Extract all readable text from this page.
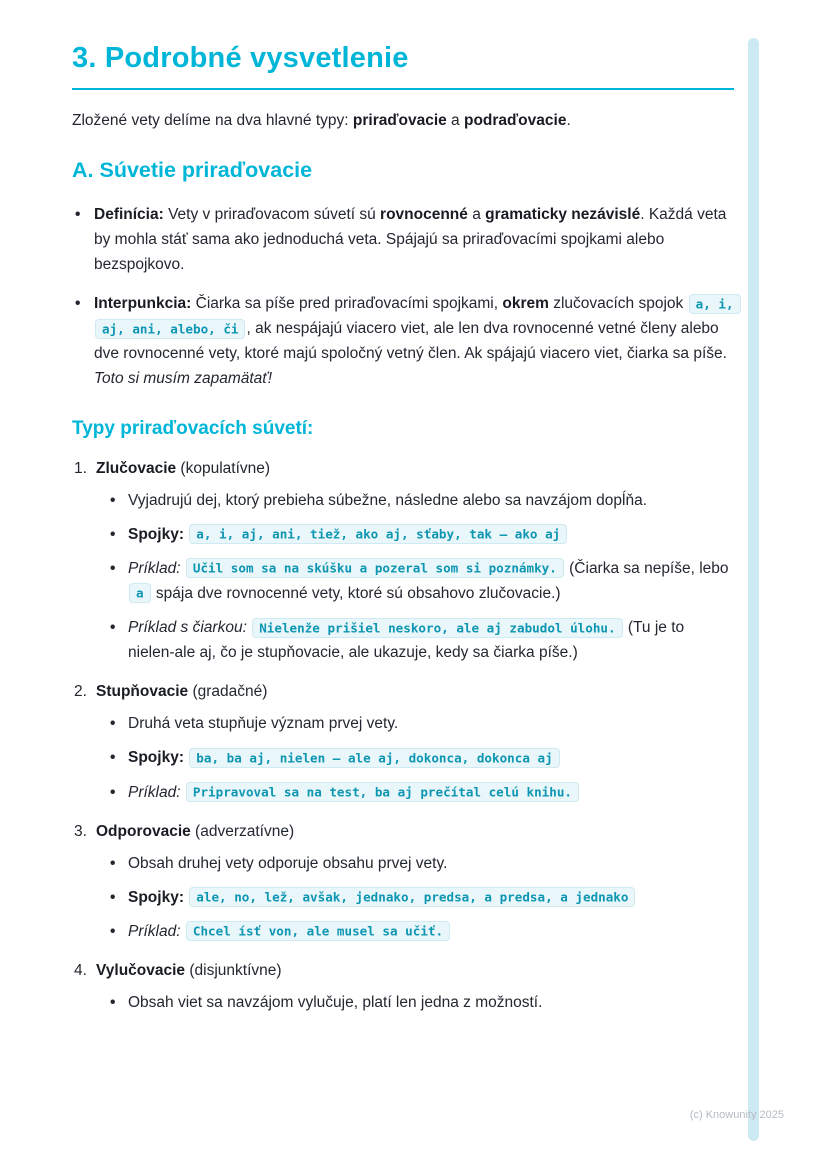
3. Podrobné vysvetlenie

Zložené vety delíme na dva hlavné typy: priraďovacie a podraďovacie.

A. Súvetie priraďovacie
• Definícia: Vety v priraďovacom súvetí sú rovnocenné a gramaticky nezávislé. Každá veta by mohla stáť sama ako jednoduchá veta. Spájajú sa priraďovacími spojkami alebo bezspojkovo.
• Interpunkcia: Čiarka sa píše pred priraďovacími spojkami, okrem zlučovacích spojok a, i, aj, ani, alebo, či , ak nespájajú viacero viet, ale len dva rovnocenné vetné členy alebo dve rovnocenné vety, ktoré majú spoločný vetný člen. Ak spájajú viacero viet, čiarka sa píše. Toto si musím zapamätať!
Typy priraďovacích súvetí:
1. Zlučovacie (kopulatívne)
• Vyjadrujú dej, ktorý prebieha súbežne, následne alebo sa navzájom dopĺňa.
• Spojky: a, i, aj, ani, tiež, ako aj, sťaby, tak – ako aj
• Príklad: Učil som sa na skúšku a pozeral som si poznámky. (Čiarka sa nepíše, lebo a spája dve rovnocenné vety, ktoré sú obsahovo zlučovacie.)
• Príklad s čiarkou: Nielenže prišiel neskoro, ale aj zabudol úlohu. (Tu je to nielen-ale aj, čo je stupňovacie, ale ukazuje, kedy sa čiarka píše.)
2. Stupňovacie (gradačné)
• Druhá veta stupňuje význam prvej vety.
• Spojky: ba, ba aj, nielen – ale aj, dokonca, dokonca aj
• Príklad: Pripravoval sa na test, ba aj prečítal celú knihu.
3. Odporovacie (adverzatívne)
• Obsah druhej vety odporuje obsahu prvej vety.
• Spojky: ale, no, lež, avšak, jednako, predsa, a predsa, a jednako
• Príklad: Chcel ísť von, ale musel sa učiť.
4. Vylučovacie (disjunktívne)
• Obsah viet sa navzájom vylučuje, platí len jedna z možností.
(c) Knowunity 2025
